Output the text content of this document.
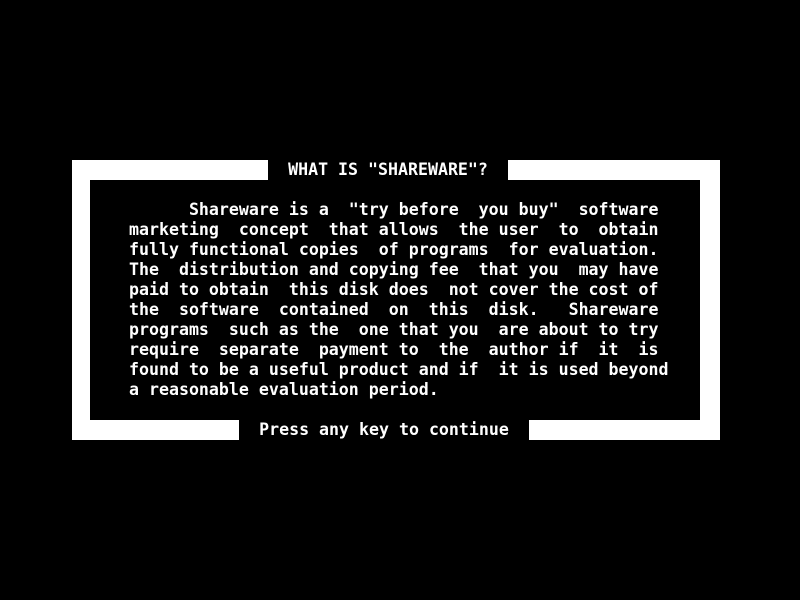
WHAT IS "SHAREWARE"?
Shareware is a  "try before  you buy"  software
marketing  concept  that allows  the user  to  obtain
fully functional copies  of programs  for evaluation.
The  distribution and copying fee  that you  may have
paid to obtain  this disk does  not cover the cost of
the  software  contained  on  this  disk.   Shareware
programs  such as the  one that you  are about to try
require  separate  payment to  the  author if  it  is
found to be a useful product and if  it is used beyond
a reasonable evaluation period.
Press any key to continue
